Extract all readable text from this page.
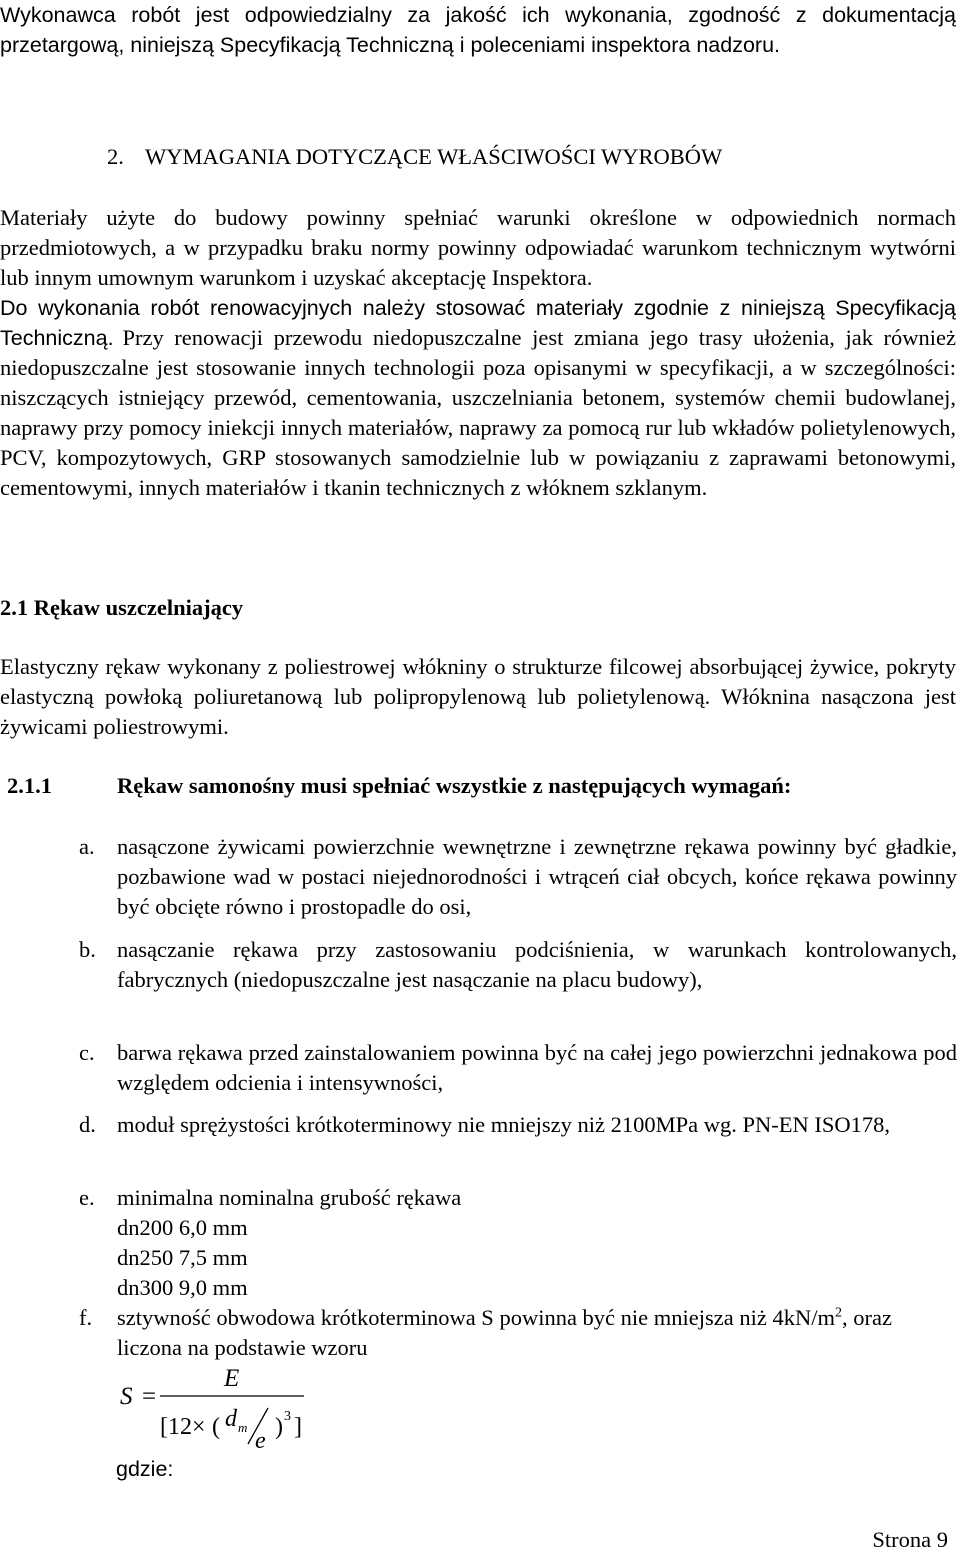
Wykonawca robót jest odpowiedzialny za jakość ich wykonania, zgodność z dokumentacją przetargową, niniejszą Specyfikacją Techniczną i poleceniami inspektora nadzoru.

2. WYMAGANIA DOTYCZĄCE WŁAŚCIWOŚCI WYROBÓW

Materiały użyte do budowy powinny spełniać warunki określone w odpowiednich normach przedmiotowych, a w przypadku braku normy powinny odpowiadać warunkom technicznym wytwórni lub innym umownym warunkom i uzyskać akceptację Inspektora.

Do wykonania robót renowacyjnych należy stosować materiały zgodnie z niniejszą Specyfikacją Techniczną. Przy renowacji przewodu niedopuszczalne jest zmiana jego trasy ułożenia, jak również niedopuszczalne jest stosowanie innych technologii poza opisanymi w specyfikacji, a w szczególności: niszczących istniejący przewód, cementowania, uszczelniania betonem, systemów chemii budowlanej, naprawy przy pomocy iniekcji innych materiałów, naprawy za pomocą rur lub wkładów polietylenowych, PCV, kompozytowych, GRP stosowanych samodzielnie lub w powiązaniu z zaprawami betonowymi, cementowymi, innych materiałów i tkanin technicznych z włóknem szklanym.

2.1 Rękaw uszczelniający

Elastyczny rękaw wykonany z poliestrowej włókniny o strukturze filcowej absorbującej żywice, pokryty elastyczną powłoką poliuretanową lub polipropylenową lub polietylenową. Włóknina nasączona jest żywicami poliestrowymi.

2.1.1	Rękaw samonośny musi spełniać wszystkie z następujących wymagań:
a. nasączone żywicami powierzchnie wewnętrzne i zewnętrzne rękawa powinny być gładkie, pozbawione wad w postaci niejednorodności i wtrąceń ciał obcych, końce rękawa powinny być obcięte równo i prostopadle do osi,
b. nasączanie rękawa przy zastosowaniu podciśnienia, w warunkach kontrolowanych, fabrycznych (niedopuszczalne jest nasączanie na placu budowy),
c. barwa rękawa przed zainstalowaniem powinna być na całej jego powierzchni jednakowa pod względem odcienia i intensywności,
d. moduł sprężystości krótkoterminowy nie mniejszy niż 2100MPa wg. PN-EN ISO178,
e. minimalna nominalna grubość rękawa
dn200 6,0 mm
dn250 7,5 mm
dn300 9,0 mm
f. sztywność obwodowa krótkoterminowa S powinna być nie mniejsza niż $4kN/m^2$, oraz liczona na podstawie wzoru
S =
E
[12 × ( d m
e
) 3 ]
gdzie:
Strona 9
